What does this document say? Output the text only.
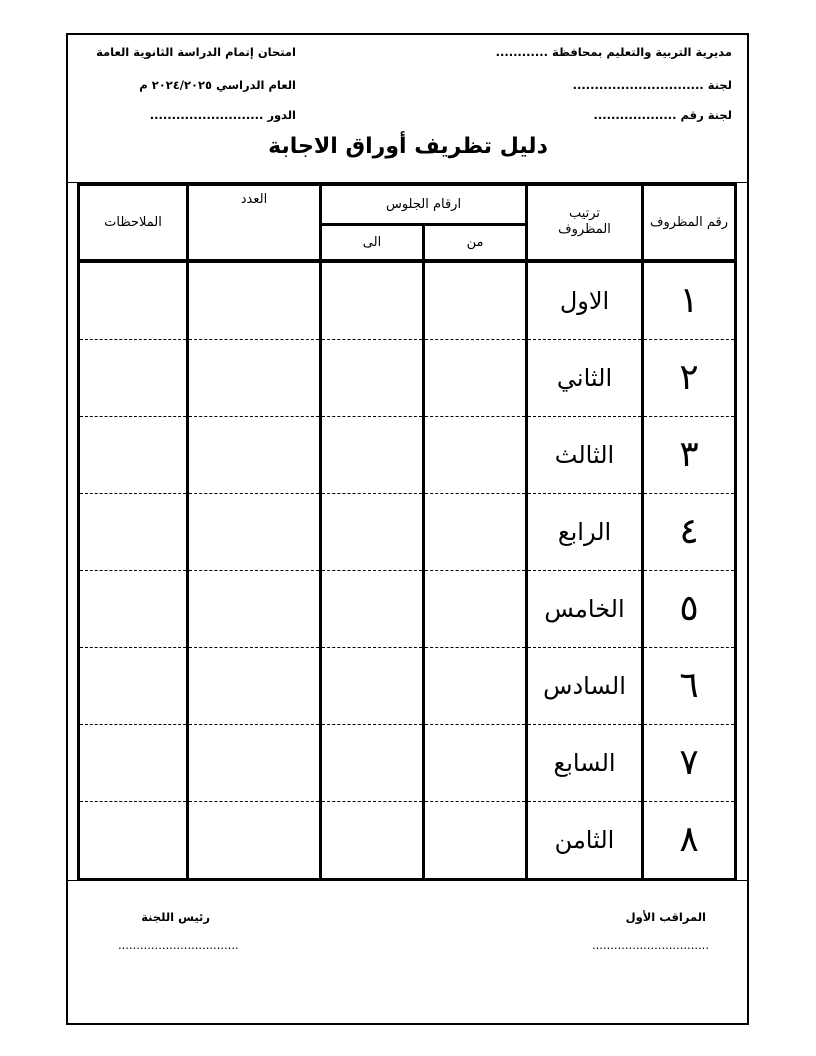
مديرية التربية والتعليم بمحافظة ............
لجنة ..............................
لجنة رقم ...................
امتحان إتمام الدراسة الثانوية العامة
العام الدراسي ٢٠٢٤/٢٠٢٥ م
الدور ..........................
دليل تظريف أوراق الاجابة
رقم المظروف	ترتيب المظروف	ارقام الجلوس		العدد	الملاحظات
		من	الى		
١	الاول				
٢	الثاني				
٣	الثالث				
٤	الرابع				
٥	الخامس				
٦	السادس				
٧	السابع				
٨	الثامن				
المراقب الأول
................................
رئيس اللجنة
.................................
